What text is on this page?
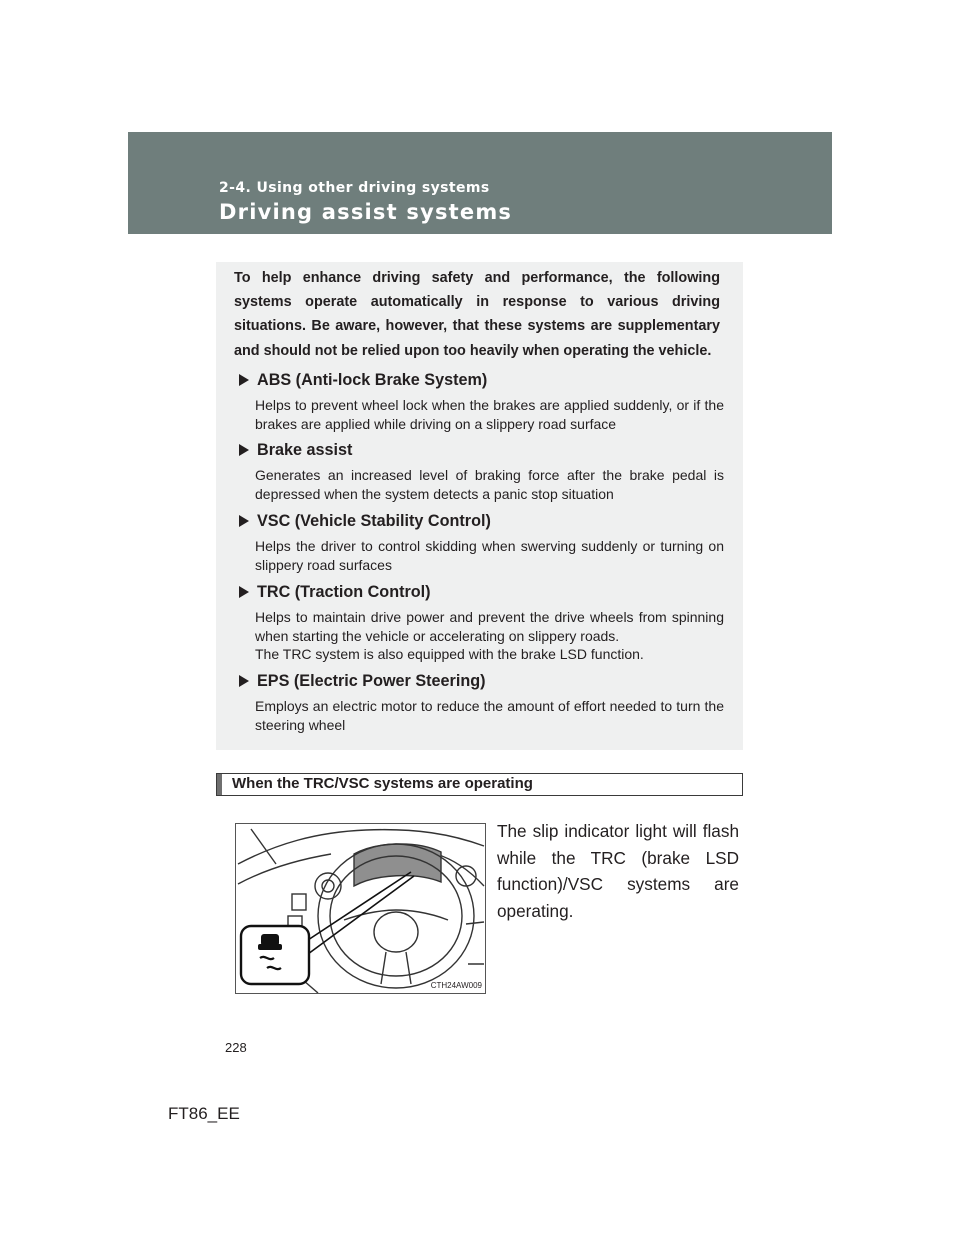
2-4. Using other driving systems
Driving assist systems

To help enhance driving safety and performance, the following systems operate automatically in response to various driving situations. Be aware, however, that these systems are supplementary and should not be relied upon too heavily when operating the vehicle.

ABS (Anti-lock Brake System)

Helps to prevent wheel lock when the brakes are applied suddenly, or if the brakes are applied while driving on a slippery road surface

Brake assist

Generates an increased level of braking force after the brake pedal is depressed when the system detects a panic stop situation

VSC (Vehicle Stability Control)

Helps the driver to control skidding when swerving suddenly or turning on slippery road surfaces

TRC (Traction Control)

Helps to maintain drive power and prevent the drive wheels from spinning when starting the vehicle or accelerating on slippery roads.

The TRC system is also equipped with the brake LSD function.

EPS (Electric Power Steering)

Employs an electric motor to reduce the amount of effort needed to turn the steering wheel

When the TRC/VSC systems are operating
CTH24AW009

The slip indicator light will flash while the TRC (brake LSD function)/VSC systems are operating.

228
FT86_EE
